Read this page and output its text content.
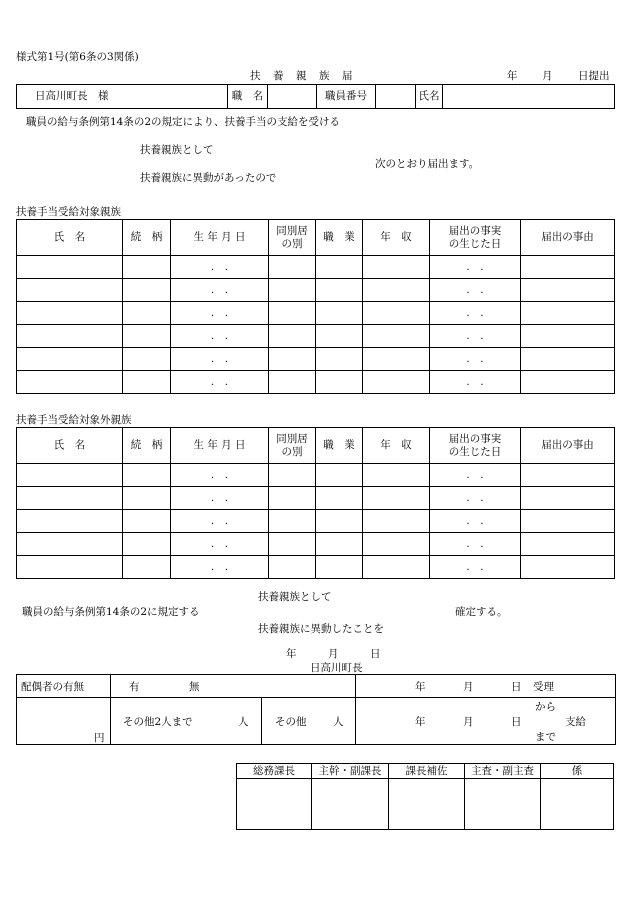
様式第1号(第6条の3関係)
扶　養　親　族　届	年 月 日提出
日高川町長　様	職　名		職員番号		氏名	
職員の給与条例第14条の2の規定により、扶養手当の支給を受ける
扶養親族として
次のとおり届出ます。
扶養親族に異動があったので
扶養手当受給対象親族
氏　名	続　柄	生 年 月 日	同別居の別	職　業	年　収	届出の事実の生じた日	届出の事由
		.　.				.　.	
		.　.				.　.	
		.　.				.　.	
		.　.				.　.	
		.　.				.　.	
		.　.				.　.	
扶養手当受給対象外親族
氏　名	続　柄	生 年 月 日	同別居の別	職　業	年　収	届出の事実の生じた日	届出の事由
		.　.				.　.	
		.　.				.　.	
		.　.				.　.	
		.　.				.　.	
		.　.				.　.	
扶養親族として
職員の給与条例第14条の2に規定する	確定する。
扶養親族に異動したことを
年　　　月　　　日
日高川町長
配偶者の有無	有	無	年	月	日 受理
円
その他2人まで	人	その他	人
から
年	月	日	支給
まで
総務課長	主幹・副課長	課長補佐	主査・副主査	係
